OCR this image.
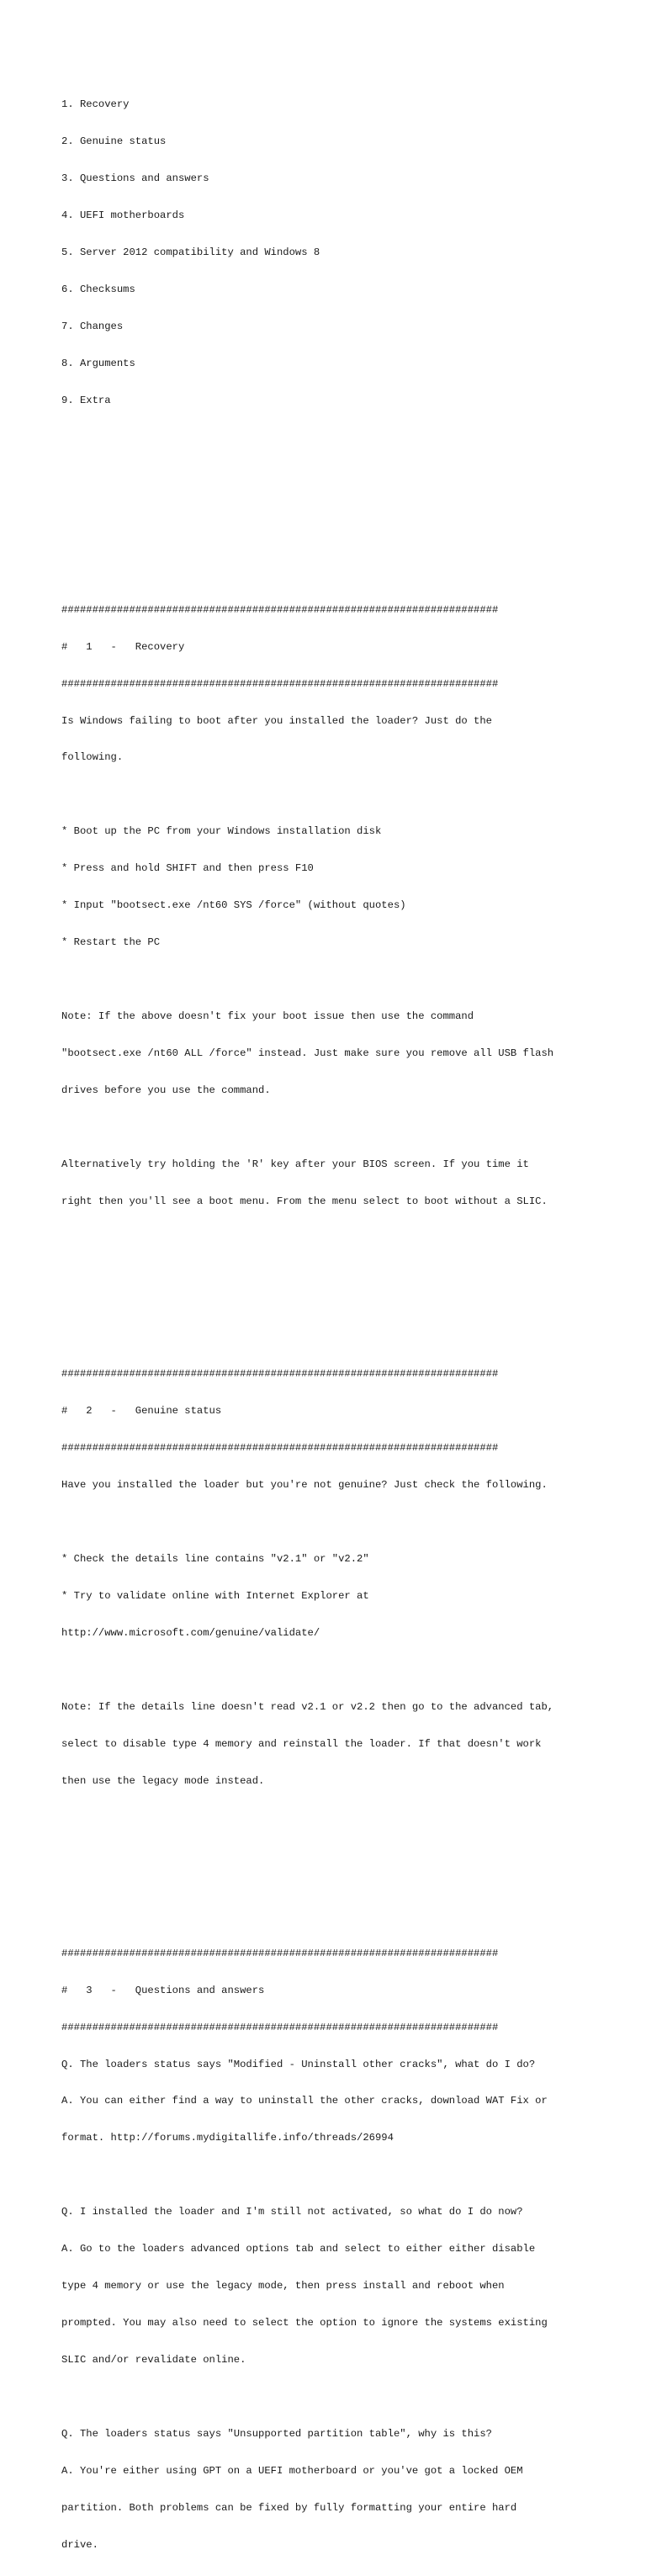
1. Recovery

2. Genuine status

3. Questions and answers

4. UEFI motherboards

5. Server 2012 compatibility and Windows 8

6. Checksums

7. Changes

8. Arguments

9. Extra

#######################################################################

#   1   -   Recovery

#######################################################################

Is Windows failing to boot after you installed the loader? Just do the

following.

* Boot up the PC from your Windows installation disk

* Press and hold SHIFT and then press F10

* Input "bootsect.exe /nt60 SYS /force" (without quotes)

* Restart the PC

Note: If the above doesn't fix your boot issue then use the command

"bootsect.exe /nt60 ALL /force" instead. Just make sure you remove all USB flash

drives before you use the command.

Alternatively try holding the 'R' key after your BIOS screen. If you time it

right then you'll see a boot menu. From the menu select to boot without a SLIC.

#######################################################################

#   2   -   Genuine status

#######################################################################

Have you installed the loader but you're not genuine? Just check the following.

* Check the details line contains "v2.1" or "v2.2"

* Try to validate online with Internet Explorer at

http://www.microsoft.com/genuine/validate/

Note: If the details line doesn't read v2.1 or v2.2 then go to the advanced tab,

select to disable type 4 memory and reinstall the loader. If that doesn't work

then use the legacy mode instead.

#######################################################################

#   3   -   Questions and answers

#######################################################################

Q. The loaders status says "Modified - Uninstall other cracks", what do I do?

A. You can either find a way to uninstall the other cracks, download WAT Fix or

format. http://forums.mydigitallife.info/threads/26994

Q. I installed the loader and I'm still not activated, so what do I do now?

A. Go to the loaders advanced options tab and select to either either disable

type 4 memory or use the legacy mode, then press install and reboot when

prompted. You may also need to select the option to ignore the systems existing

SLIC and/or revalidate online.

Q. The loaders status says "Unsupported partition table", why is this?

A. You're either using GPT on a UEFI motherboard or you've got a locked OEM

partition. Both problems can be fixed by fully formatting your entire hard

drive.
